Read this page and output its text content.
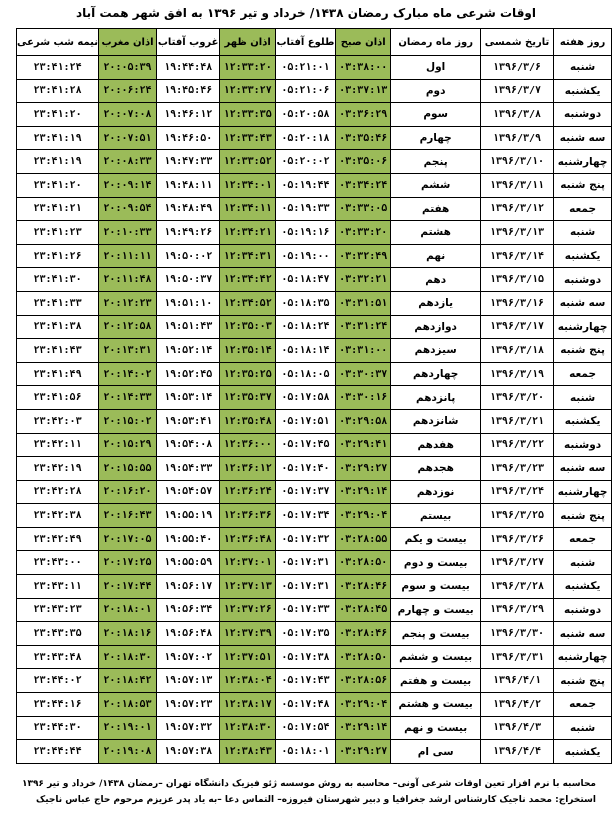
اوقات شرعی ماه مبارک رمضان ۱۴۳۸/ خرداد و تیر ۱۳۹۶ به افق شهر همت آباد
روز هفته	تاریخ شمسی	روز ماه رمضان	اذان صبح	طلوع آفتاب	اذان ظهر	غروب آفتاب	اذان مغرب	نیمه شب شرعی
شنبه	۱۳۹۶/۳/۶	اول	۰۳:۳۸:۰۰	۰۵:۲۱:۰۱	۱۲:۳۳:۲۰	۱۹:۴۴:۴۸	۲۰:۰۵:۳۹	۲۳:۴۱:۲۴
یکشنبه	۱۳۹۶/۳/۷	دوم	۰۳:۳۷:۱۳	۰۵:۲۱:۰۶	۱۲:۳۳:۲۷	۱۹:۴۵:۴۶	۲۰:۰۶:۲۴	۲۳:۴۱:۲۸
دوشنبه	۱۳۹۶/۳/۸	سوم	۰۳:۳۶:۲۹	۰۵:۲۰:۵۸	۱۲:۳۳:۳۵	۱۹:۴۶:۱۲	۲۰:۰۷:۰۸	۲۳:۴۱:۲۰
سه شنبه	۱۳۹۶/۳/۹	چهارم	۰۳:۳۵:۴۶	۰۵:۲۰:۱۸	۱۲:۳۳:۴۳	۱۹:۴۶:۵۰	۲۰:۰۷:۵۱	۲۳:۴۱:۱۹
چهارشنبه	۱۳۹۶/۳/۱۰	پنجم	۰۳:۳۵:۰۶	۰۵:۲۰:۰۲	۱۲:۳۳:۵۲	۱۹:۴۷:۳۳	۲۰:۰۸:۳۳	۲۳:۴۱:۱۹
پنج شنبه	۱۳۹۶/۳/۱۱	ششم	۰۳:۳۴:۲۴	۰۵:۱۹:۴۴	۱۲:۳۴:۰۱	۱۹:۴۸:۱۱	۲۰:۰۹:۱۴	۲۳:۴۱:۲۰
جمعه	۱۳۹۶/۳/۱۲	هفتم	۰۳:۳۳:۰۵	۰۵:۱۹:۳۳	۱۲:۳۴:۱۱	۱۹:۴۸:۴۹	۲۰:۰۹:۵۴	۲۳:۴۱:۲۱
شنبه	۱۳۹۶/۳/۱۳	هشتم	۰۳:۳۳:۲۰	۰۵:۱۹:۱۶	۱۲:۳۴:۲۱	۱۹:۴۹:۲۶	۲۰:۱۰:۳۳	۲۳:۴۱:۲۳
یکشنبه	۱۳۹۶/۳/۱۴	نهم	۰۳:۳۲:۴۹	۰۵:۱۹:۰۰	۱۲:۳۴:۳۱	۱۹:۵۰:۰۲	۲۰:۱۱:۱۱	۲۳:۴۱:۲۶
دوشنبه	۱۳۹۶/۳/۱۵	دهم	۰۳:۳۲:۲۱	۰۵:۱۸:۴۷	۱۲:۳۴:۴۲	۱۹:۵۰:۳۷	۲۰:۱۱:۴۸	۲۳:۴۱:۳۰
سه شنبه	۱۳۹۶/۳/۱۶	یازدهم	۰۳:۳۱:۵۱	۰۵:۱۸:۳۵	۱۲:۳۴:۵۲	۱۹:۵۱:۱۰	۲۰:۱۲:۲۳	۲۳:۴۱:۳۳
چهارشنبه	۱۳۹۶/۳/۱۷	دوازدهم	۰۳:۳۱:۲۴	۰۵:۱۸:۲۴	۱۲:۳۵:۰۳	۱۹:۵۱:۴۳	۲۰:۱۲:۵۸	۲۳:۴۱:۳۸
پنج شنبه	۱۳۹۶/۳/۱۸	سیزدهم	۰۳:۳۱:۰۰	۰۵:۱۸:۱۴	۱۲:۳۵:۱۴	۱۹:۵۲:۱۴	۲۰:۱۳:۳۱	۲۳:۴۱:۴۳
جمعه	۱۳۹۶/۳/۱۹	چهاردهم	۰۳:۳۰:۳۷	۰۵:۱۸:۰۵	۱۲:۳۵:۲۵	۱۹:۵۲:۴۵	۲۰:۱۴:۰۲	۲۳:۴۱:۴۹
شنبه	۱۳۹۶/۳/۲۰	پانزدهم	۰۳:۳۰:۱۶	۰۵:۱۷:۵۸	۱۲:۳۵:۳۷	۱۹:۵۳:۱۴	۲۰:۱۴:۳۳	۲۳:۴۱:۵۶
یکشنبه	۱۳۹۶/۳/۲۱	شانزدهم	۰۳:۲۹:۵۸	۰۵:۱۷:۵۱	۱۲:۳۵:۴۸	۱۹:۵۳:۴۱	۲۰:۱۵:۰۲	۲۳:۴۲:۰۳
دوشنبه	۱۳۹۶/۳/۲۲	هفدهم	۰۳:۲۹:۴۱	۰۵:۱۷:۴۵	۱۲:۳۶:۰۰	۱۹:۵۴:۰۸	۲۰:۱۵:۲۹	۲۳:۴۲:۱۱
سه شنبه	۱۳۹۶/۳/۲۳	هجدهم	۰۳:۲۹:۲۷	۰۵:۱۷:۴۰	۱۲:۳۶:۱۲	۱۹:۵۴:۳۳	۲۰:۱۵:۵۵	۲۳:۴۲:۱۹
چهارشنبه	۱۳۹۶/۳/۲۴	نوزدهم	۰۳:۲۹:۱۴	۰۵:۱۷:۳۷	۱۲:۳۶:۲۴	۱۹:۵۴:۵۷	۲۰:۱۶:۲۰	۲۳:۴۲:۲۸
پنج شنبه	۱۳۹۶/۳/۲۵	بیستم	۰۳:۲۹:۰۴	۰۵:۱۷:۳۴	۱۲:۳۶:۳۶	۱۹:۵۵:۱۹	۲۰:۱۶:۴۳	۲۳:۴۲:۳۸
جمعه	۱۳۹۶/۳/۲۶	بیست و یکم	۰۳:۲۸:۵۵	۰۵:۱۷:۳۲	۱۲:۳۶:۴۸	۱۹:۵۵:۴۰	۲۰:۱۷:۰۵	۲۳:۴۲:۴۹
شنبه	۱۳۹۶/۳/۲۷	بیست و دوم	۰۳:۲۸:۵۰	۰۵:۱۷:۳۱	۱۲:۳۷:۰۱	۱۹:۵۵:۵۹	۲۰:۱۷:۲۵	۲۳:۴۳:۰۰
یکشنبه	۱۳۹۶/۳/۲۸	بیست و سوم	۰۳:۲۸:۴۶	۰۵:۱۷:۳۱	۱۲:۳۷:۱۳	۱۹:۵۶:۱۷	۲۰:۱۷:۴۴	۲۳:۴۳:۱۱
دوشنبه	۱۳۹۶/۳/۲۹	بیست و چهارم	۰۳:۲۸:۴۵	۰۵:۱۷:۳۳	۱۲:۳۷:۲۶	۱۹:۵۶:۳۴	۲۰:۱۸:۰۱	۲۳:۴۳:۲۳
سه شنبه	۱۳۹۶/۳/۳۰	بیست و پنجم	۰۳:۲۸:۴۶	۰۵:۱۷:۳۵	۱۲:۳۷:۳۹	۱۹:۵۶:۴۸	۲۰:۱۸:۱۶	۲۳:۴۳:۳۵
چهارشنبه	۱۳۹۶/۳/۳۱	بیست و ششم	۰۳:۲۸:۵۰	۰۵:۱۷:۳۸	۱۲:۳۷:۵۱	۱۹:۵۷:۰۲	۲۰:۱۸:۳۰	۲۳:۴۳:۴۸
پنج شنبه	۱۳۹۶/۴/۱	بیست و هفتم	۰۳:۲۸:۵۶	۰۵:۱۷:۴۳	۱۲:۳۸:۰۴	۱۹:۵۷:۱۳	۲۰:۱۸:۴۲	۲۳:۴۴:۰۲
جمعه	۱۳۹۶/۴/۲	بیست و هشتم	۰۳:۲۹:۰۴	۰۵:۱۷:۴۸	۱۲:۳۸:۱۷	۱۹:۵۷:۲۳	۲۰:۱۸:۵۳	۲۳:۴۴:۱۶
شنبه	۱۳۹۶/۴/۳	بیست و نهم	۰۳:۲۹:۱۴	۰۵:۱۷:۵۴	۱۲:۳۸:۳۰	۱۹:۵۷:۳۲	۲۰:۱۹:۰۱	۲۳:۴۴:۳۰
یکشنبه	۱۳۹۶/۴/۴	سی ام	۰۳:۲۹:۲۷	۰۵:۱۸:۰۱	۱۲:۳۸:۴۳	۱۹:۵۷:۳۸	۲۰:۱۹:۰۸	۲۳:۴۴:۴۴
محاسبه با نرم افزار تعین اوقات شرعی آونی– محاسبه به روش موسسه ژئو فیزیک دانشگاه تهران –رمضان ۱۴۳۸/ خرداد و تیر ۱۳۹۶
استخراج: محمد ناجیک کارشناس ارشد جغرافیا و دبیر شهرستان فیروزه– التماس دعا –به یاد پدر عزیزم مرحوم حاج عباس ناجیک
